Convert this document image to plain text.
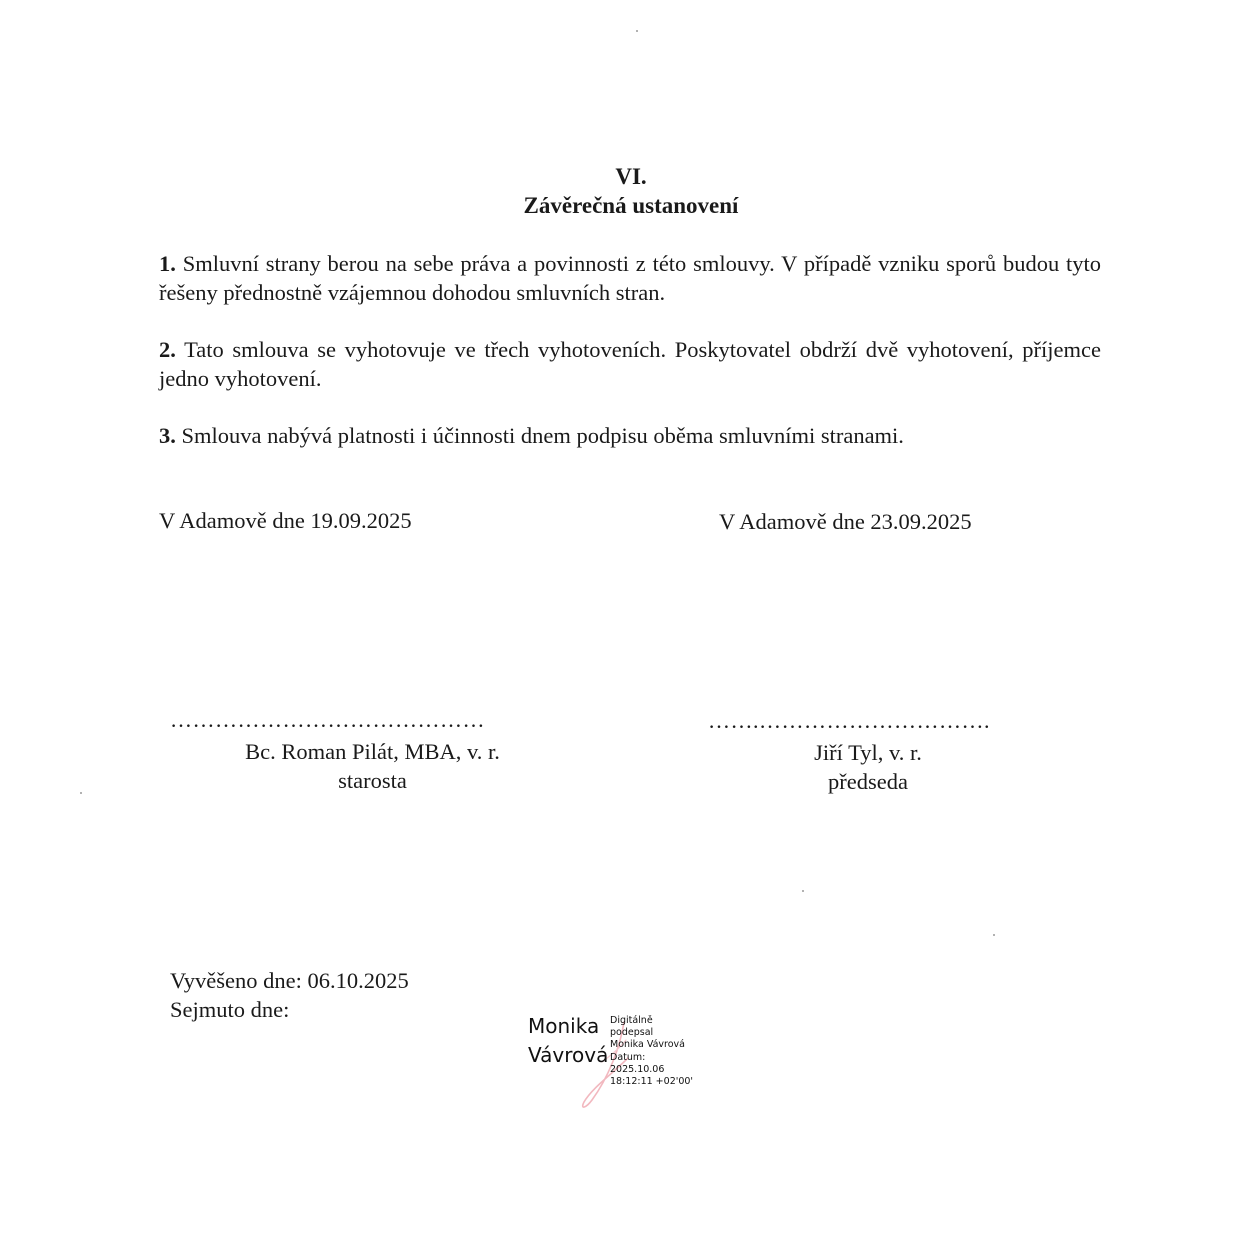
VI.
Závěrečná ustanovení
1. Smluvní strany berou na sebe práva a povinnosti z této smlouvy. V případě vzniku sporů budou tyto řešeny přednostně vzájemnou dohodou smluvních stran.
2. Tato smlouva se vyhotovuje ve třech vyhotoveních. Poskytovatel obdrží dvě vyhotovení, příjemce jedno vyhotovení.
3. Smlouva nabývá platnosti i účinnosti dnem podpisu oběma smluvními stranami.
V Adamově dne 19.09.2025	V Adamově dne 23.09.2025
……………………………………	…….………………………….
Bc. Roman Pilát, MBA, v. r.
starosta
Jiří Tyl, v. r.
předseda
Vyvěšeno dne: 06.10.2025
Sejmuto dne:
Monika Vávrová
Digitálně
podepsal
Monika Vávrová
Datum:
2025.10.06
18:12:11 +02'00'
